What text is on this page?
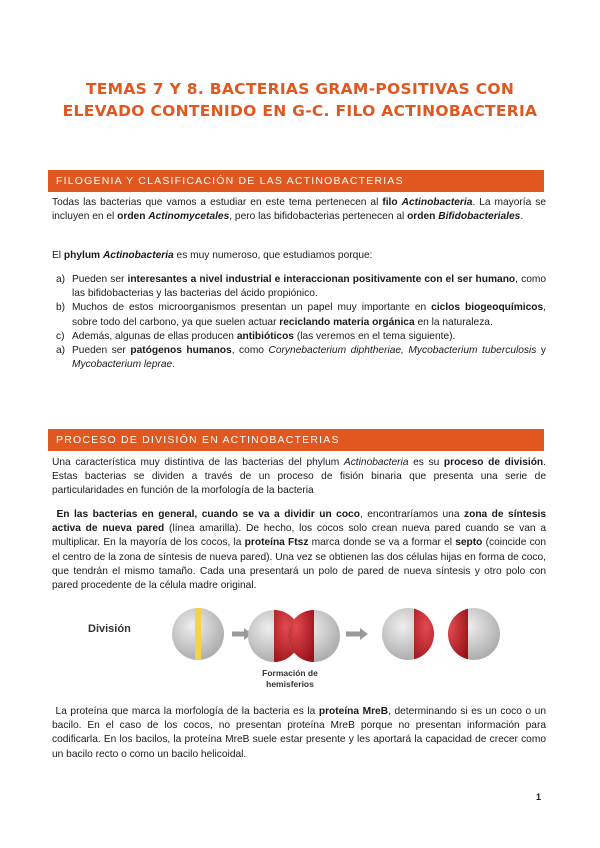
TEMAS 7 Y 8. BACTERIAS GRAM-POSITIVAS CON ELEVADO CONTENIDO EN G-C. FILO ACTINOBACTERIA
FILOGENIA Y CLASIFICACIÓN DE LAS ACTINOBACTERIAS
Todas las bacterias que vamos a estudiar en este tema pertenecen al filo Actinobacteria. La mayoría se incluyen en el orden Actinomycetales, pero las bifidobacterias pertenecen al orden Bifidobacteriales.
El phylum Actinobacteria es muy numeroso, que estudiamos porque:
a) Pueden ser interesantes a nivel industrial e interaccionan positivamente con el ser humano, como las bifidobacterias y las bacterias del ácido propiónico.
b) Muchos de estos microorganismos presentan un papel muy importante en ciclos biogeoquímicos, sobre todo del carbono, ya que suelen actuar reciclando materia orgánica en la naturaleza.
c) Además, algunas de ellas producen antibióticos (las veremos en el tema siguiente).
a) Pueden ser patógenos humanos, como Corynebacterium diphtheriae, Mycobacterium tuberculosis y Mycobacterium leprae.
PROCESO DE DIVISIÓN EN ACTINOBACTERIAS
Una característica muy distintiva de las bacterias del phylum Actinobacteria es su proceso de división. Estas bacterias se dividen a través de un proceso de fisión binaria que presenta una serie de particularidades en función de la morfología de la bacteria
En las bacterias en general, cuando se va a dividir un coco, encontraríamos una zona de síntesis activa de nueva pared (línea amarilla). De hecho, los cocos solo crean nueva pared cuando se van a multiplicar. En la mayoría de los cocos, la proteína Ftsz marca donde se va a formar el septo (coincide con el centro de la zona de síntesis de nueva pared). Una vez se obtienen las dos células hijas en forma de coco, que tendrán el mismo tamaño. Cada una presentará un polo de pared de nueva síntesis y otro polo con pared procedente de la célula madre original.
División
Formación de
hemisferios
La proteína que marca la morfología de la bacteria es la proteína MreB, determinando si es un coco o un bacilo. En el caso de los cocos, no presentan proteína MreB porque no presentan información para codificarla. En los bacilos, la proteína MreB suele estar presente y les aportará la capacidad de crecer como un bacilo recto o como un bacilo helicoidal.
1
